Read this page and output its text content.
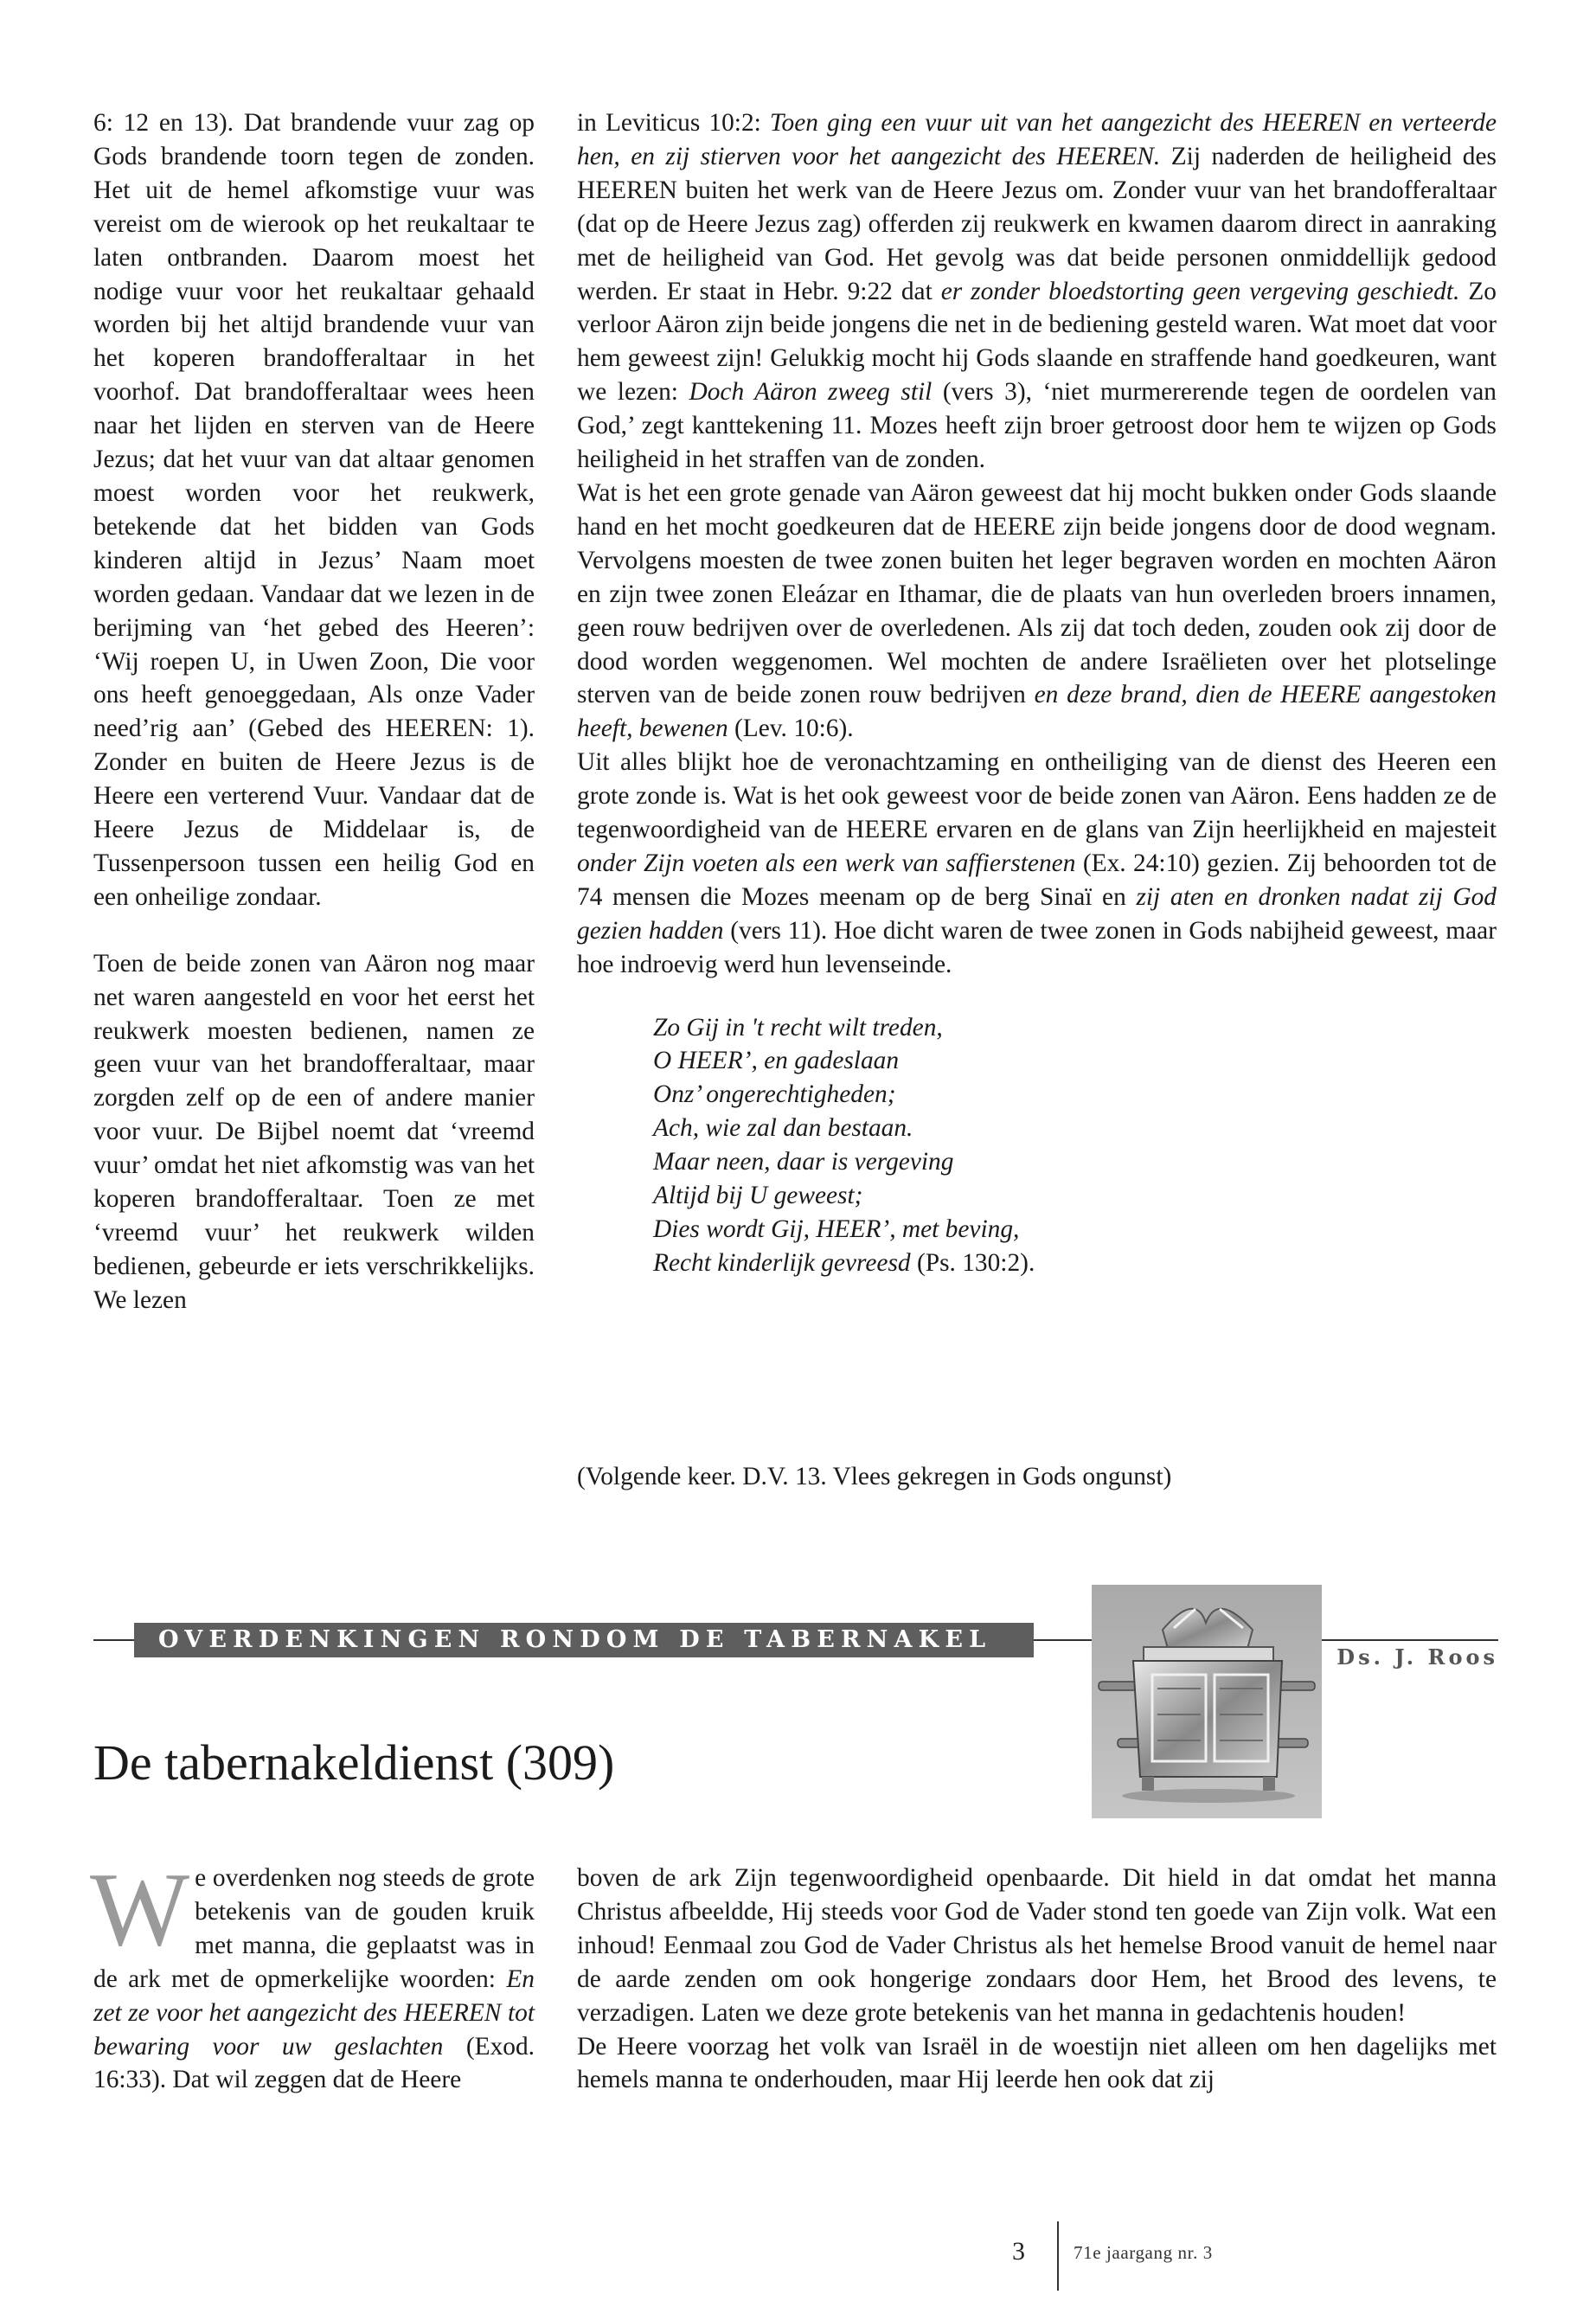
6: 12 en 13). Dat brandende vuur zag op Gods brandende toorn tegen de zonden. Het uit de hemel afkomstige vuur was vereist om de wierook op het reukaltaar te laten ontbranden. Daarom moest het nodige vuur voor het reukaltaar gehaald worden bij het altijd brandende vuur van het koperen brandofferaltaar in het voorhof. Dat brandofferaltaar wees heen naar het lijden en sterven van de Heere Jezus; dat het vuur van dat altaar genomen moest worden voor het reukwerk, betekende dat het bidden van Gods kinderen altijd in Jezus’ Naam moet worden gedaan. Vandaar dat we lezen in de berijming van ‘het gebed des Heeren’: ‘Wij roepen U, in Uwen Zoon, Die voor ons heeft genoeggedaan, Als onze Vader need’rig aan’ (Gebed des HEEREN: 1). Zonder en buiten de Heere Jezus is de Heere een verterend Vuur. Vandaar dat de Heere Jezus de Middelaar is, de Tussenpersoon tussen een heilig God en een onheilige zondaar.

Toen de beide zonen van Aäron nog maar net waren aangesteld en voor het eerst het reukwerk moesten bedienen, namen ze geen vuur van het brandofferaltaar, maar zorgden zelf op de een of andere manier voor vuur. De Bijbel noemt dat ‘vreemd vuur’ omdat het niet afkomstig was van het koperen brandofferaltaar. Toen ze met ‘vreemd vuur’ het reukwerk wilden bedienen, gebeurde er iets verschrikkelijks. We lezen

in Leviticus 10:2: Toen ging een vuur uit van het aangezicht des HEEREN en verteerde hen, en zij stierven voor het aangezicht des HEEREN. Zij naderden de heiligheid des HEEREN buiten het werk van de Heere Jezus om. Zonder vuur van het brandofferaltaar (dat op de Heere Jezus zag) offerden zij reukwerk en kwamen daarom direct in aanraking met de heiligheid van God. Het gevolg was dat beide personen onmiddellijk gedood werden. Er staat in Hebr. 9:22 dat er zonder bloedstorting geen vergeving geschiedt. Zo verloor Aäron zijn beide jongens die net in de bediening gesteld waren. Wat moet dat voor hem geweest zijn! Gelukkig mocht hij Gods slaande en straffende hand goedkeuren, want we lezen: Doch Aäron zweeg stil (vers 3), ‘niet murmererende tegen de oordelen van God,’ zegt kanttekening 11. Mozes heeft zijn broer getroost door hem te wijzen op Gods heiligheid in het straffen van de zonden.

Wat is het een grote genade van Aäron geweest dat hij mocht bukken onder Gods slaande hand en het mocht goedkeuren dat de HEERE zijn beide jongens door de dood wegnam. Vervolgens moesten de twee zonen buiten het leger begraven worden en mochten Aäron en zijn twee zonen Eleázar en Ithamar, die de plaats van hun overleden broers innamen, geen rouw bedrijven over de overledenen. Als zij dat toch deden, zouden ook zij door de dood worden weggenomen. Wel mochten de andere Israëlieten over het plotselinge sterven van de beide zonen rouw bedrijven en deze brand, dien de HEERE aangestoken heeft, bewenen (Lev. 10:6).

Uit alles blijkt hoe de veronachtzaming en ontheiliging van de dienst des Heeren een grote zonde is. Wat is het ook geweest voor de beide zonen van Aäron. Eens hadden ze de tegenwoordigheid van de HEERE ervaren en de glans van Zijn heerlijkheid en majesteit onder Zijn voeten als een werk van saffierstenen (Ex. 24:10) gezien. Zij behoorden tot de 74 mensen die Mozes meenam op de berg Sinaï en zij aten en dronken nadat zij God gezien hadden (vers 11). Hoe dicht waren de twee zonen in Gods nabijheid geweest, maar hoe indroevig werd hun levenseinde.

Zo Gij in 't recht wilt treden,
O HEER’, en gadeslaan
Onz’ ongerechtigheden;
Ach, wie zal dan bestaan.
Maar neen, daar is vergeving
Altijd bij U geweest;
Dies wordt Gij, HEER’, met beving,
Recht kinderlijk gevreesd (Ps. 130:2).
(Volgende keer. D.V. 13. Vlees gekregen in Gods ongunst)
OVERDENKINGEN RONDOM DE TABERNAKEL
Ds. J. Roos
De tabernakeldienst (309)

We overdenken nog steeds de grote betekenis van de gouden kruik met manna, die geplaatst was in de ark met de opmerkelijke woorden: En zet ze voor het aangezicht des HEEREN tot bewaring voor uw geslachten (Exod. 16:33). Dat wil zeggen dat de Heere

boven de ark Zijn tegenwoordigheid openbaarde. Dit hield in dat omdat het manna Christus afbeeldde, Hij steeds voor God de Vader stond ten goede van Zijn volk. Wat een inhoud! Eenmaal zou God de Vader Christus als het hemelse Brood vanuit de hemel naar de aarde zenden om ook hongerige zondaars door Hem, het Brood des levens, te verzadigen. Laten we deze grote betekenis van het manna in gedachtenis houden!

De Heere voorzag het volk van Israël in de woestijn niet alleen om hen dagelijks met hemels manna te onderhouden, maar Hij leerde hen ook dat zij

3	71e jaargang nr. 3
